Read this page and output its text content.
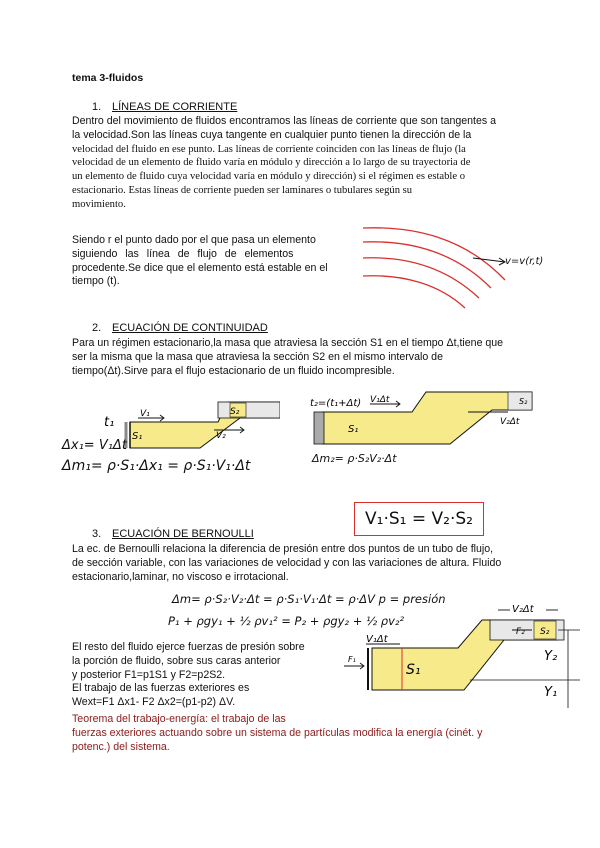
tema 3-fluidos
1. LÍNEAS DE CORRIENTE
Dentro del movimiento de fluidos encontramos las líneas de corriente que son tangentes a
la velocidad.Son las líneas cuya tangente en cualquier punto tienen la dirección de la
velocidad del fluido en ese punto. Las líneas de corriente coinciden con las líneas de flujo (la
velocidad de un elemento de fluido varía en módulo y dirección a lo largo de su trayectoria de
un elemento de fluido cuya velocidad varía en módulo y dirección) si el régimen es estable o
estacionario. Estas líneas de corriente pueden ser laminares o tubulares según su
movimiento.
Siendo r el punto dado por el que pasa un elemento
siguiendo las línea de flujo de elementos
procedente.Se dice que el elemento está estable en el
tiempo (t).
v=v(r,t)
2. ECUACIÓN DE CONTINUIDAD
Para un régimen estacionario,la masa que atraviesa la sección S1 en el tiempo Δt,tiene que
ser la misma que la masa que atraviesa la sección S2 en el mismo intervalo de
tiempo(Δt).Sirve para el flujo estacionario de un fluido incompresible.
S₁
S₂
t₁
V₁
V₂
Δx₁= V₁Δt
Δm₁= ρ·S₁·Δx₁ = ρ·S₁·V₁·Δt
S₁
S₂
t₂=(t₁+Δt) V₁Δt
V₂Δt
Δm₂= ρ·S₂V₂·Δt
V₁·S₁ = V₂·S₂
3. ECUACIÓN DE BERNOULLI
La ec. de Bernoulli relaciona la diferencia de presión entre dos puntos de un tubo de flujo,
de sección variable, con las variaciones de velocidad y con las variaciones de altura. Fluido
estacionario,laminar, no viscoso e irrotacional.
Δm= ρ·S₂·V₂·Δt = ρ·S₁·V₁·Δt = ρ·ΔV p = presión
P₁ + ρgy₁ + ½ ρv₁² = P₂ + ρgy₂ + ½ ρv₂²
El resto del fluido ejerce fuerzas de presión sobre
la porción de fluido, sobre sus caras anterior
y posterior F1=p1S1 y F2=p2S2.
El trabajo de las fuerzas exteriores es
Wext=F1 Δx1- F2 Δx2=(p1-p2) ΔV.
Teorema del trabajo-energía: el trabajo de las
fuerzas exteriores actuando sobre un sistema de partículas modifica la energía (cinét. y
potenc.) del sistema.
S₁
S₂
F₂
F₁
V₁Δt
V₂Δt
Y₂
Y₁
